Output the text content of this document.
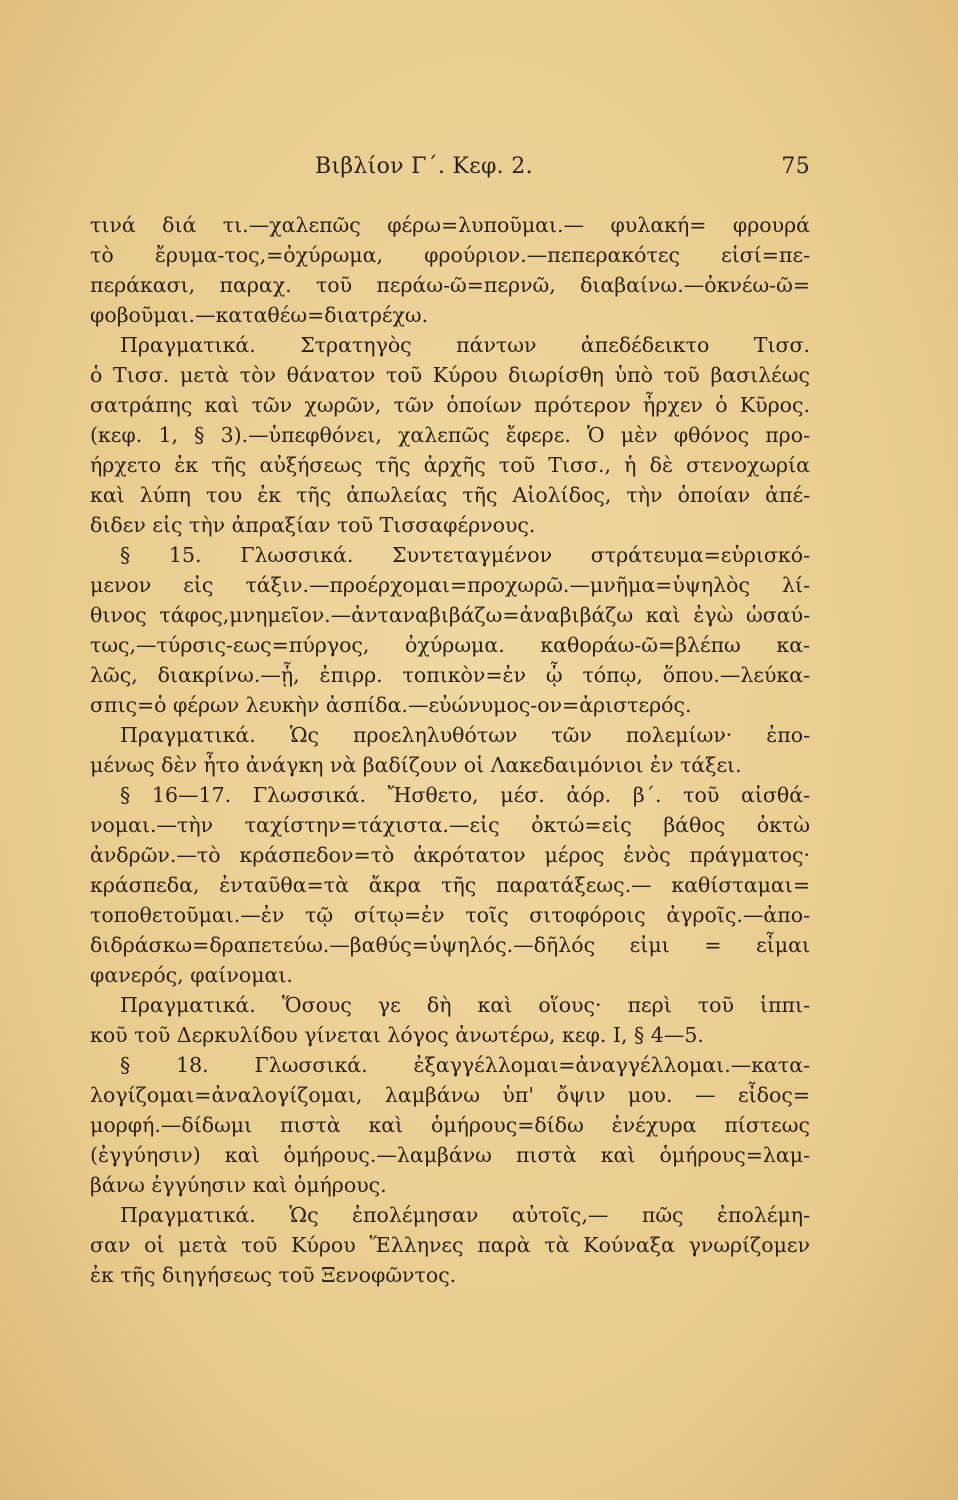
Βιβλίον Γ΄. Κεφ. 2.	75

τινά διά τι.—χαλεπῶς φέρω=λυποῦμαι.— φυλακή= φρουρά
τὸ ἔρυμα-τος,=ὀχύρωμα, φρούριον.—πεπερακότες εἰσί=πε-
περάκασι, παραχ. τοῦ περάω-ῶ=περνῶ, διαβαίνω.—ὀκνέω-ῶ=
φοβοῦμαι.—καταθέω=διατρέχω.

Πραγματικά. Στρατηγὸς πάντων ἀπεδέδεικτο Τισσ.
ὁ Τισσ. μετὰ τὸν θάνατον τοῦ Κύρου διωρίσθη ὑπὸ τοῦ βασιλέως
σατράπης καὶ τῶν χωρῶν, τῶν ὁποίων πρότερον ἦρχεν ὁ Κῦρος.
(κεφ. 1, § 3).—ὑπεφθόνει, χαλεπῶς ἔφερε. Ὁ μὲν φθόνος προ-
ήρχετο ἐκ τῆς αὐξήσεως τῆς ἀρχῆς τοῦ Τισσ., ἡ δὲ στενοχωρία
καὶ λύπη του ἐκ τῆς ἀπωλείας τῆς Αἰολίδος, τὴν ὁποίαν ἀπέ-
διδεν εἰς τὴν ἀπραξίαν τοῦ Τισσαφέρνους.

§ 15. Γλωσσικά. Συντεταγμένον στράτευμα=εὑρισκό-
μενον εἰς τάξιν.—προέρχομαι=προχωρῶ.—μνῆμα=ὑψηλὸς λί-
θινος τάφος,μνημεῖον.—ἀνταναβιβάζω=ἀναβιβάζω καὶ ἐγὼ ὡσαύ-
τως,—τύρσις-εως=πύργος, ὀχύρωμα. καθοράω-ῶ=βλέπω κα-
λῶς, διακρίνω.—ᾗ, ἐπιρρ. τοπικὸν=ἐν ᾧ τόπῳ, ὅπου.—λεύκα-
σπις=ὁ φέρων λευκὴν ἀσπίδα.—εὐώνυμος-ον=ἀριστερός.

Πραγματικά. Ὡς προεληλυθότων τῶν πολεμίων· ἐπο-
μένως δὲν ἦτο ἀνάγκη νὰ βαδίζουν οἱ Λακεδαιμόνιοι ἐν τάξει.

§ 16—17. Γλωσσικά. Ἤσθετο, μέσ. ἀόρ. β΄. τοῦ αἰσθά-
νομαι.—τὴν ταχίστην=τάχιστα.—εἰς ὀκτώ=εἰς βάθος ὀκτὼ
ἀνδρῶν.—τὸ κράσπεδον=τὸ ἀκρότατον μέρος ἑνὸς πράγματος·
κράσπεδα, ἐνταῦθα=τὰ ἄκρα τῆς παρατάξεως.— καθίσταμαι=
τοποθετοῦμαι.—ἐν τῷ σίτῳ=ἐν τοῖς σιτοφόροις ἀγροῖς.—ἀπο-
διδράσκω=δραπετεύω.—βαθύς=ὑψηλός.—δῆλός εἰμι = εἶμαι
φανερός, φαίνομαι.

Πραγματικά. Ὅσους γε δὴ καὶ οἵους· περὶ τοῦ ἱππι-
κοῦ τοῦ Δερκυλίδου γίνεται λόγος ἀνωτέρω, κεφ. Ι, § 4—5.

§ 18. Γλωσσικά. ἐξαγγέλλομαι=ἀναγγέλλομαι.—κατα-
λογίζομαι=ἀναλογίζομαι, λαμβάνω ὑπ' ὄψιν μου. — εἶδος=
μορφή.—δίδωμι πιστὰ καὶ ὁμήρους=δίδω ἐνέχυρα πίστεως
(ἐγγύησιν) καὶ ὁμήρους.—λαμβάνω πιστὰ καὶ ὁμήρους=λαμ-
βάνω ἐγγύησιν καὶ ὁμήρους.

Πραγματικά. Ὡς ἐπολέμησαν αὐτοῖς,— πῶς ἐπολέμη-
σαν οἱ μετὰ τοῦ Κύρου Ἕλληνες παρὰ τὰ Κούναξα γνωρίζομεν
ἐκ τῆς διηγήσεως τοῦ Ξενοφῶντος.
